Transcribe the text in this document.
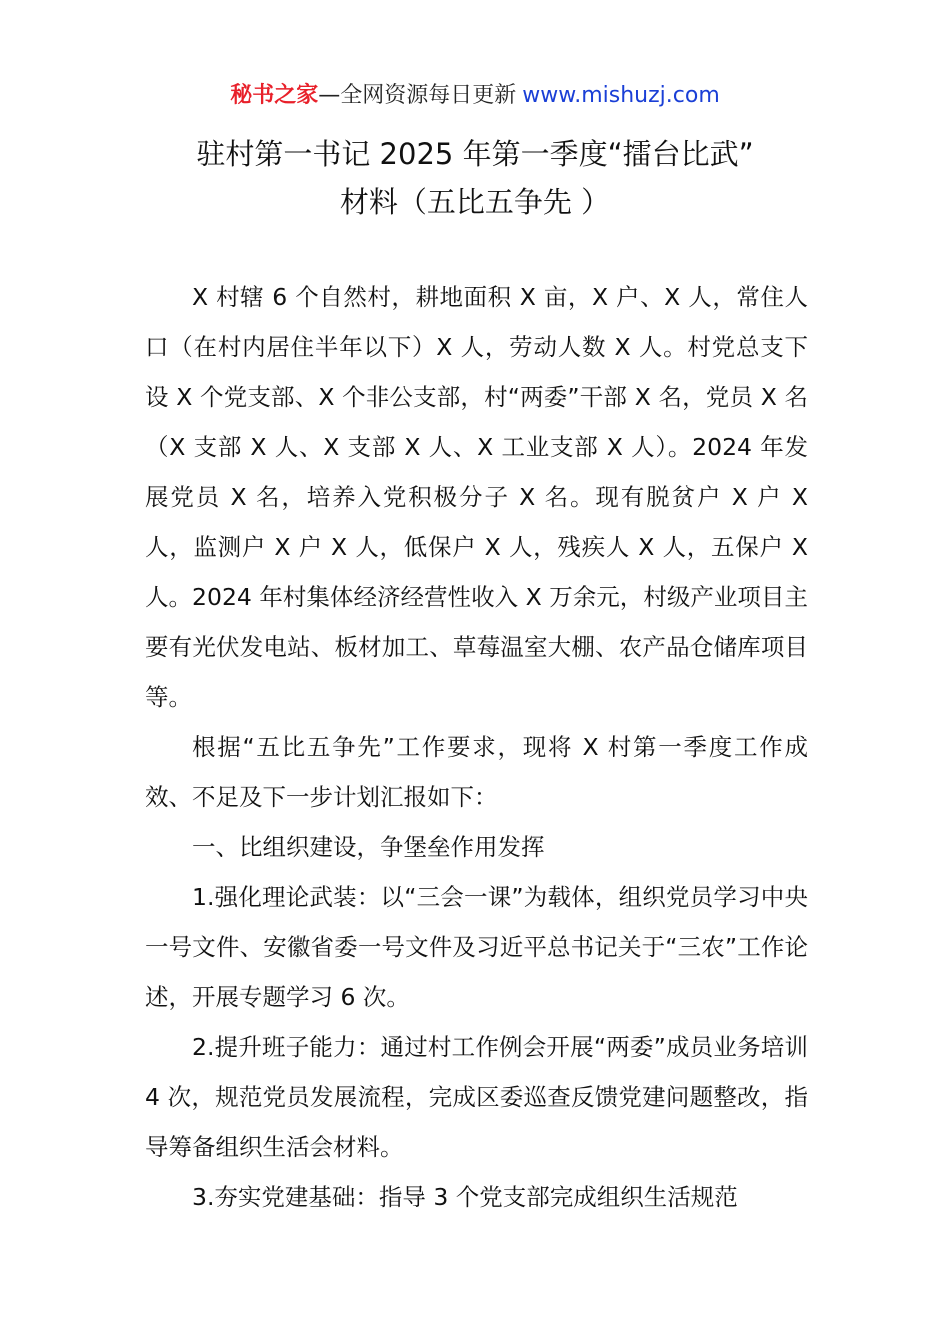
秘书之家—全网资源每日更新 www.mishuzj.com
驻村第一书记 2025 年第一季度“擂台比武”
材料（五比五争先 ）

X 村辖 6 个自然村，耕地面积 X 亩，X 户、X 人，常住人口（在村内居住半年以下）X 人，劳动人数 X 人。村党总支下设 X 个党支部、X 个非公支部，村“两委”干部 X 名，党员 X 名（X 支部 X 人、X 支部 X 人、X 工业支部 X 人）。2024 年发展党员 X 名，培养入党积极分子 X 名。现有脱贫户 X 户 X 人，监测户 X 户 X 人，低保户 X 人，残疾人 X 人，五保户 X 人。2024 年村集体经济经营性收入 X 万余元，村级产业项目主要有光伏发电站、板材加工、草莓温室大棚、农产品仓储库项目等。

根据“五比五争先”工作要求，现将 X 村第一季度工作成效、不足及下一步计划汇报如下：

一、比组织建设，争堡垒作用发挥

1.强化理论武装：以“三会一课”为载体，组织党员学习中央一号文件、安徽省委一号文件及习近平总书记关于“三农”工作论述，开展专题学习 6 次。

2.提升班子能力：通过村工作例会开展“两委”成员业务培训 4 次，规范党员发展流程，完成区委巡查反馈党建问题整改，指导筹备组织生活会材料。

3.夯实党建基础：指导 3 个党支部完成组织生活规范
